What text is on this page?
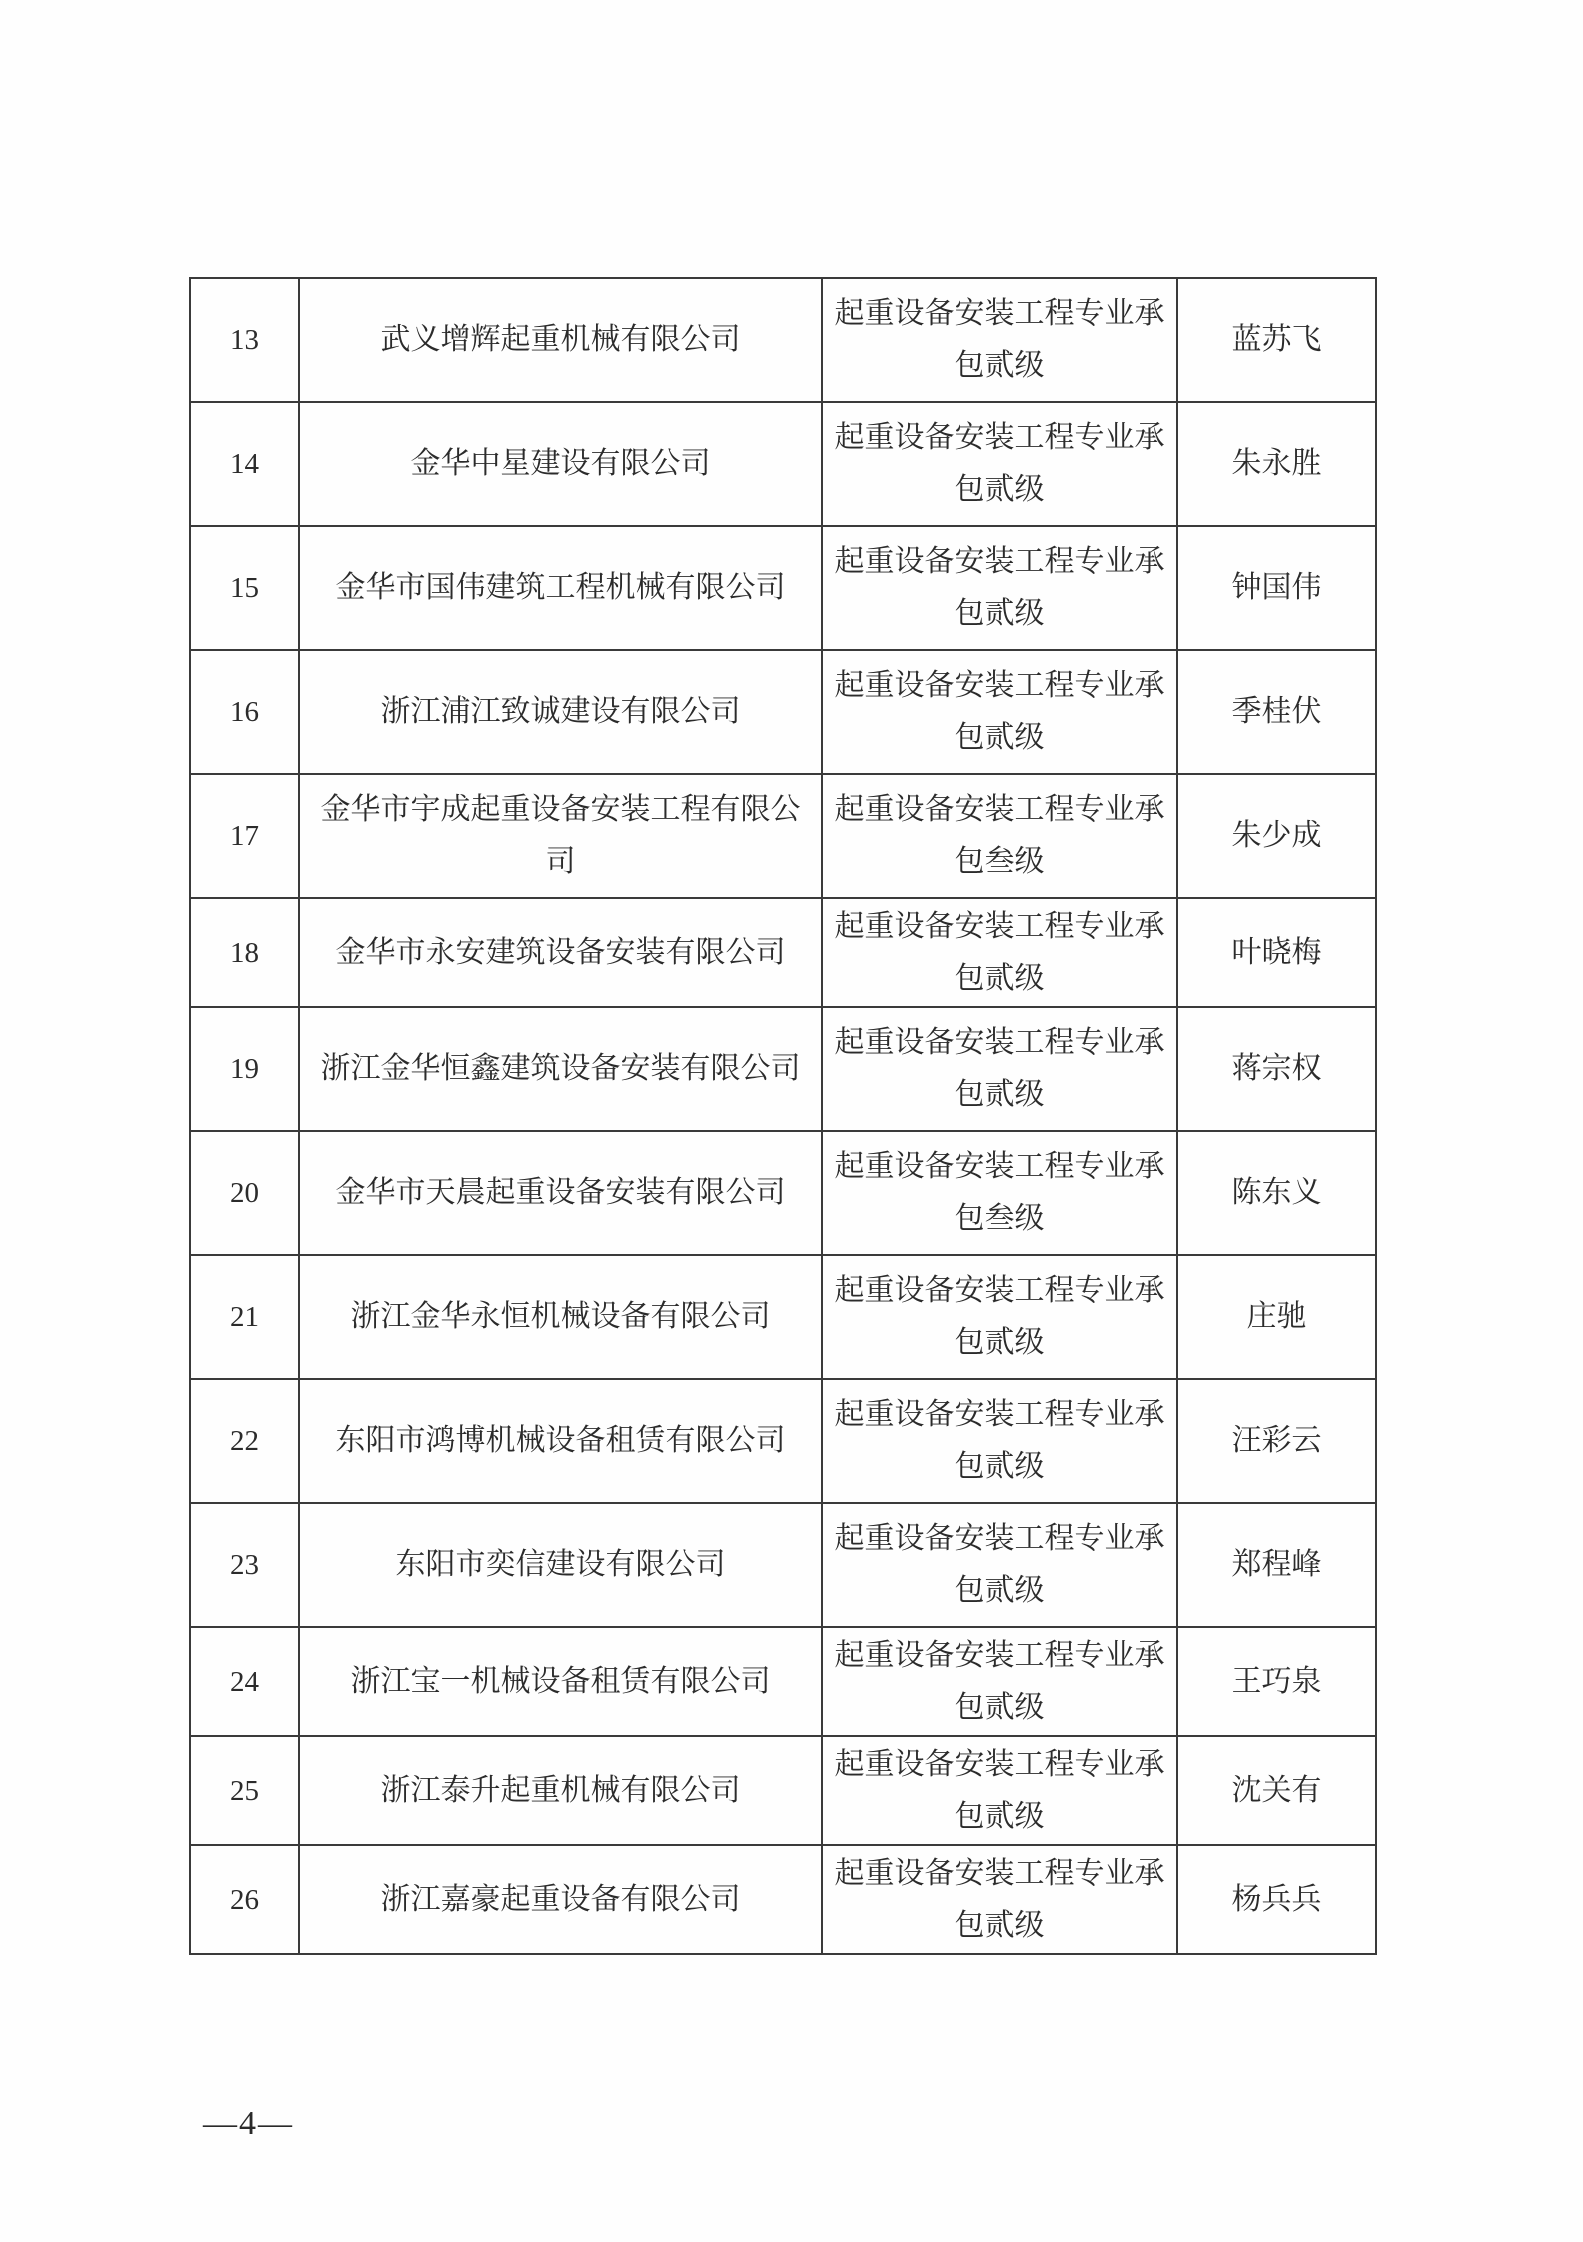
13	武义增辉起重机械有限公司	起重设备安装工程专业承包贰级	蓝苏飞
14	金华中星建设有限公司	起重设备安装工程专业承包贰级	朱永胜
15	金华市国伟建筑工程机械有限公司	起重设备安装工程专业承包贰级	钟国伟
16	浙江浦江致诚建设有限公司	起重设备安装工程专业承包贰级	季桂伏
17	金华市宇成起重设备安装工程有限公司	起重设备安装工程专业承包叁级	朱少成
18	金华市永安建筑设备安装有限公司	起重设备安装工程专业承包贰级	叶晓梅
19	浙江金华恒鑫建筑设备安装有限公司	起重设备安装工程专业承包贰级	蒋宗权
20	金华市天晨起重设备安装有限公司	起重设备安装工程专业承包叁级	陈东义
21	浙江金华永恒机械设备有限公司	起重设备安装工程专业承包贰级	庄驰
22	东阳市鸿博机械设备租赁有限公司	起重设备安装工程专业承包贰级	汪彩云
23	东阳市奕信建设有限公司	起重设备安装工程专业承包贰级	郑程峰
24	浙江宝一机械设备租赁有限公司	起重设备安装工程专业承包贰级	王巧泉
25	浙江泰升起重机械有限公司	起重设备安装工程专业承包贰级	沈关有
26	浙江嘉豪起重设备有限公司	起重设备安装工程专业承包贰级	杨兵兵
—4—
